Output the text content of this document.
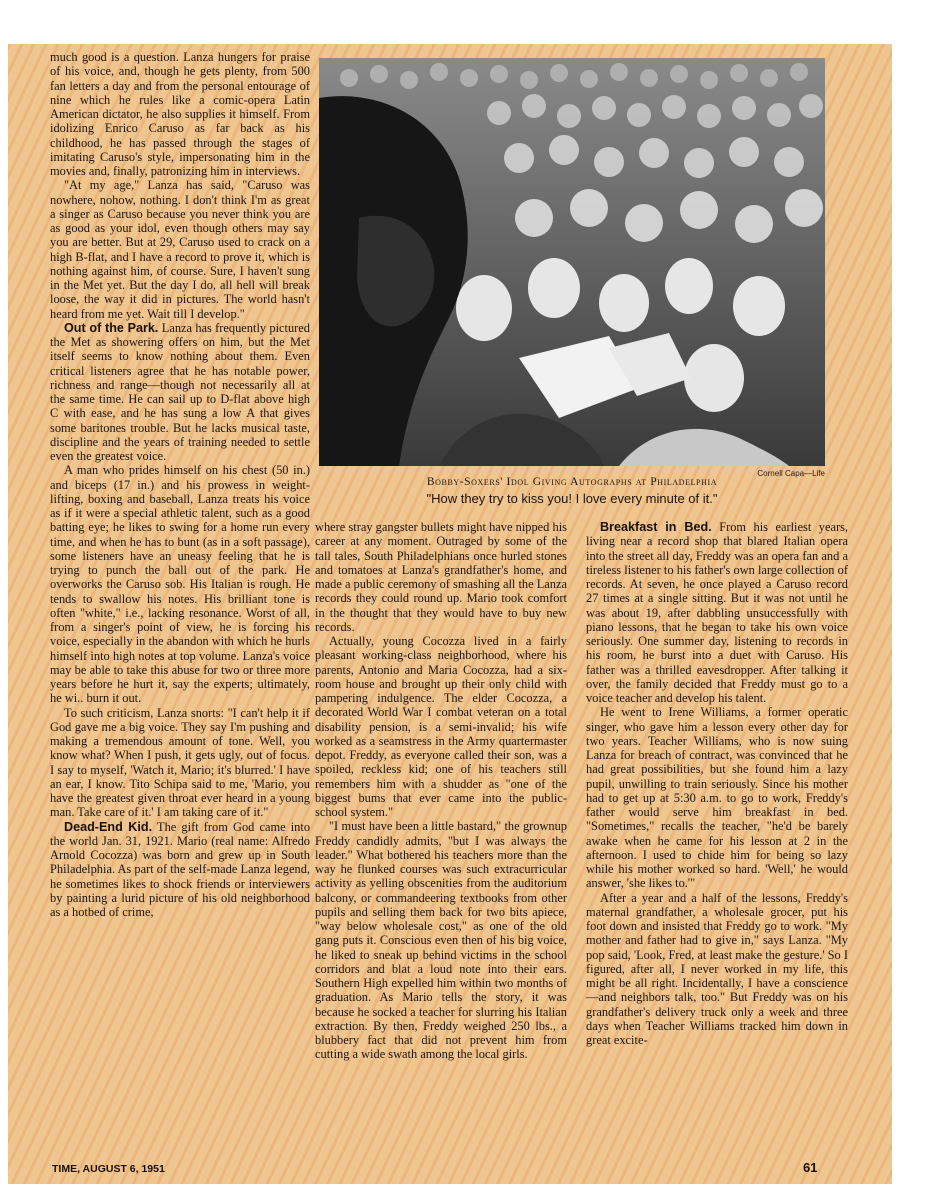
much good is a question. Lanza hungers for praise of his voice, and, though he gets plenty, from 500 fan letters a day and from the personal entourage of nine which he rules like a comic-opera Latin American dictator, he also supplies it himself. From idolizing Enrico Caruso as far back as his childhood, he has passed through the stages of imitating Caruso's style, impersonating him in the movies and, finally, patronizing him in interviews.

"At my age," Lanza has said, "Caruso was nowhere, nohow, nothing. I don't think I'm as great a singer as Caruso because you never think you are as good as your idol, even though others may say you are better. But at 29, Caruso used to crack on a high B-flat, and I have a record to prove it, which is nothing against him, of course. Sure, I haven't sung in the Met yet. But the day I do, all hell will break loose, the way it did in pictures. The world hasn't heard from me yet. Wait till I develop."

Out of the Park. Lanza has frequently pictured the Met as showering offers on him, but the Met itself seems to know nothing about them. Even critical listeners agree that he has notable power, richness and range—though not necessarily all at the same time. He can sail up to D-flat above high C with ease, and he has sung a low A that gives some baritones trouble. But he lacks musical taste, discipline and the years of training needed to settle even the greatest voice.

A man who prides himself on his chest (50 in.) and biceps (17 in.) and his prowess in weight-lifting, boxing and baseball, Lanza treats his voice as if it were a special athletic talent, such as a good batting eye; he likes to swing for a home run every time, and when he has to bunt (as in a soft passage), some listeners have an uneasy feeling that he is trying to punch the ball out of the park. He overworks the Caruso sob. His Italian is rough. He tends to swallow his notes. His brilliant tone is often "white," i.e., lacking resonance. Worst of all, from a singer's point of view, he is forcing his voice, especially in the abandon with which he hurls himself into high notes at top volume. Lanza's voice may be able to take this abuse for two or three more years before he hurt it, say the experts; ultimately, he wi.. burn it out.

To such criticism, Lanza snorts: "I can't help it if God gave me a big voice. They say I'm pushing and making a tremendous amount of tone. Well, you know what? When I push, it gets ugly, out of focus. I say to myself, 'Watch it, Mario; it's blurred.' I have an ear, I know. Tito Schipa said to me, 'Mario, you have the greatest given throat ever heard in a young man. Take care of it.' I am taking care of it."

Dead-End Kid. The gift from God came into the world Jan. 31, 1921. Mario (real name: Alfredo Arnold Cocozza) was born and grew up in South Philadelphia. As part of the self-made Lanza legend, he sometimes likes to shock friends or interviewers by painting a lurid picture of his old neighborhood as a hotbed of crime,

Cornell Capa—Life
Bobby-Soxers' Idol Giving Autographs at Philadelphia
"How they try to kiss you! I love every minute of it."

where stray gangster bullets might have nipped his career at any moment. Outraged by some of the tall tales, South Philadelphians once hurled stones and tomatoes at Lanza's grandfather's home, and made a public ceremony of smashing all the Lanza records they could round up. Mario took comfort in the thought that they would have to buy new records.

Actually, young Cocozza lived in a fairly pleasant working-class neighborhood, where his parents, Antonio and Maria Cocozza, had a six-room house and brought up their only child with pampering indulgence. The elder Cocozza, a decorated World War I combat veteran on a total disability pension, is a semi-invalid; his wife worked as a seamstress in the Army quartermaster depot. Freddy, as everyone called their son, was a spoiled, reckless kid; one of his teachers still remembers him with a shudder as "one of the biggest bums that ever came into the public-school system."

"I must have been a little bastard," the grownup Freddy candidly admits, "but I was always the leader." What bothered his teachers more than the way he flunked courses was such extracurricular activity as yelling obscenities from the auditorium balcony, or commandeering textbooks from other pupils and selling them back for two bits apiece, "way below wholesale cost," as one of the old gang puts it. Conscious even then of his big voice, he liked to sneak up behind victims in the school corridors and blat a loud note into their ears. Southern High expelled him within two months of graduation. As Mario tells the story, it was because he socked a teacher for slurring his Italian extraction. By then, Freddy weighed 250 lbs., a blubbery fact that did not prevent him from cutting a wide swath among the local girls.

Breakfast in Bed. From his earliest years, living near a record shop that blared Italian opera into the street all day, Freddy was an opera fan and a tireless listener to his father's own large collection of records. At seven, he once played a Caruso record 27 times at a single sitting. But it was not until he was about 19, after dabbling unsuccessfully with piano lessons, that he began to take his own voice seriously. One summer day, listening to records in his room, he burst into a duet with Caruso. His father was a thrilled eavesdropper. After talking it over, the family decided that Freddy must go to a voice teacher and develop his talent.

He went to Irene Williams, a former operatic singer, who gave him a lesson every other day for two years. Teacher Williams, who is now suing Lanza for breach of contract, was convinced that he had great possibilities, but she found him a lazy pupil, unwilling to train seriously. Since his mother had to get up at 5:30 a.m. to go to work, Freddy's father would serve him breakfast in bed. "Sometimes," recalls the teacher, "he'd be barely awake when he came for his lesson at 2 in the afternoon. I used to chide him for being so lazy while his mother worked so hard. 'Well,' he would answer, 'she likes to.'"

After a year and a half of the lessons, Freddy's maternal grandfather, a wholesale grocer, put his foot down and insisted that Freddy go to work. "My mother and father had to give in," says Lanza. "My pop said, 'Look, Fred, at least make the gesture.' So I figured, after all, I never worked in my life, this might be all right. Incidentally, I have a conscience—and neighbors talk, too." But Freddy was on his grandfather's delivery truck only a week and three days when Teacher Williams tracked him down in great excite-

TIME, AUGUST 6, 1951	61
